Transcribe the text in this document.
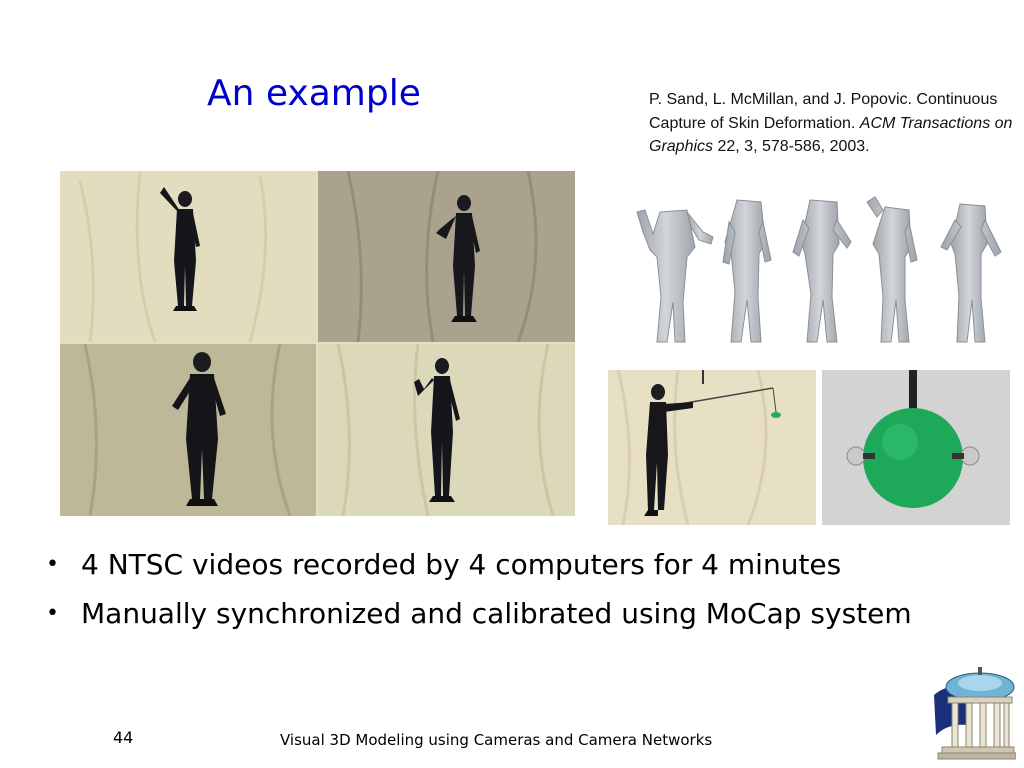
An example	P. Sand, L. McMillan, and J. Popovic. Continuous Capture of Skin Deformation. ACM Transactions on Graphics 22, 3, 578-586, 2003.
• 4 NTSC videos recorded by 4 computers for 4 minutes
• Manually synchronized and calibrated using MoCap system
44	Visual 3D Modeling using Cameras and Camera Networks
